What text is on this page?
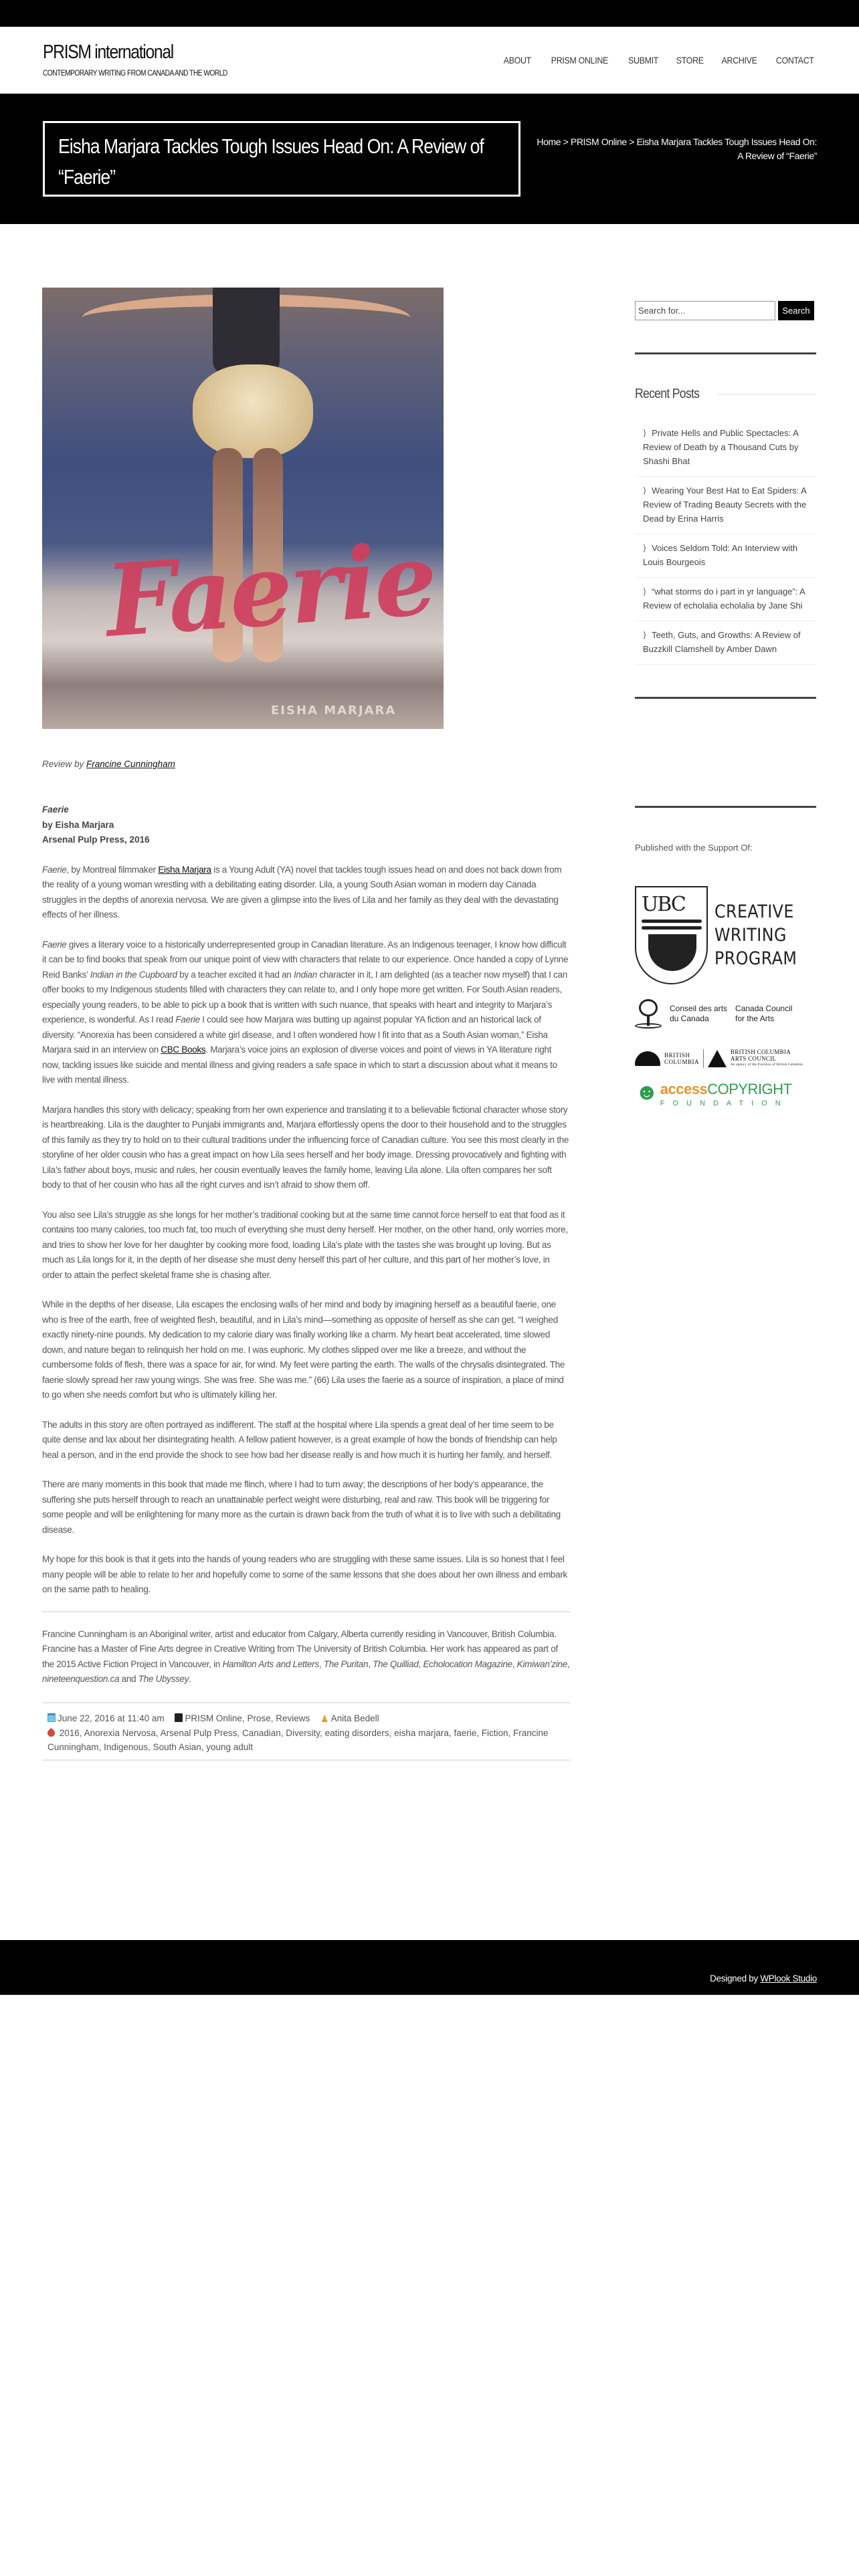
PRISM international
CONTEMPORARY WRITING FROM CANADA AND THE WORLD
ABOUT PRISM ONLINE SUBMIT STORE ARCHIVE CONTACT
Eisha Marjara Tackles Tough Issues Head On: A Review of “Faerie”
Home > PRISM Online > Eisha Marjara Tackles Tough Issues Head On: A Review of “Faerie”
Faerie
EISHA MARJARA

Review by Francine Cunningham

Faerie
by Eisha Marjara
Arsenal Pulp Press, 2016

Faerie, by Montreal filmmaker Eisha Marjara is a Young Adult (YA) novel that tackles tough issues head on and does not back down from the reality of a young woman wrestling with a debilitating eating disorder. Lila, a young South Asian woman in modern day Canada struggles in the depths of anorexia nervosa. We are given a glimpse into the lives of Lila and her family as they deal with the devastating effects of her illness.

Faerie gives a literary voice to a historically underrepresented group in Canadian literature. As an Indigenous teenager, I know how difficult it can be to find books that speak from our unique point of view with characters that relate to our experience. Once handed a copy of Lynne Reid Banks’ Indian in the Cupboard by a teacher excited it had an Indian character in it, I am delighted (as a teacher now myself) that I can offer books to my Indigenous students filled with characters they can relate to, and I only hope more get written. For South Asian readers, especially young readers, to be able to pick up a book that is written with such nuance, that speaks with heart and integrity to Marjara’s experience, is wonderful. As I read Faerie I could see how Marjara was butting up against popular YA fiction and an historical lack of diversity. “Anorexia has been considered a white girl disease, and I often wondered how I fit into that as a South Asian woman,” Eisha Marjara said in an interview on CBC Books. Marjara’s voice joins an explosion of diverse voices and point of views in YA literature right now, tackling issues like suicide and mental illness and giving readers a safe space in which to start a discussion about what it means to live with mental illness.

Marjara handles this story with delicacy; speaking from her own experience and translating it to a believable fictional character whose story is heartbreaking. Lila is the daughter to Punjabi immigrants and, Marjara effortlessly opens the door to their household and to the struggles of this family as they try to hold on to their cultural traditions under the influencing force of Canadian culture. You see this most clearly in the storyline of her older cousin who has a great impact on how Lila sees herself and her body image. Dressing provocatively and fighting with Lila’s father about boys, music and rules, her cousin eventually leaves the family home, leaving Lila alone. Lila often compares her soft body to that of her cousin who has all the right curves and isn’t afraid to show them off.

You also see Lila’s struggle as she longs for her mother’s traditional cooking but at the same time cannot force herself to eat that food as it contains too many calories, too much fat, too much of everything she must deny herself. Her mother, on the other hand, only worries more, and tries to show her love for her daughter by cooking more food, loading Lila’s plate with the tastes she was brought up loving. But as much as Lila longs for it, in the depth of her disease she must deny herself this part of her culture, and this part of her mother’s love, in order to attain the perfect skeletal frame she is chasing after.

While in the depths of her disease, Lila escapes the enclosing walls of her mind and body by imagining herself as a beautiful faerie, one who is free of the earth, free of weighted flesh, beautiful, and in Lila’s mind—something as opposite of herself as she can get. “I weighed exactly ninety-nine pounds. My dedication to my calorie diary was finally working like a charm. My heart beat accelerated, time slowed down, and nature began to relinquish her hold on me. I was euphoric. My clothes slipped over me like a breeze, and without the cumbersome folds of flesh, there was a space for air, for wind. My feet were parting the earth. The walls of the chrysalis disintegrated. The faerie slowly spread her raw young wings. She was free. She was me.” (66) Lila uses the faerie as a source of inspiration, a place of mind to go when she needs comfort but who is ultimately killing her.

The adults in this story are often portrayed as indifferent. The staff at the hospital where Lila spends a great deal of her time seem to be quite dense and lax about her disintegrating health. A fellow patient however, is a great example of how the bonds of friendship can help heal a person, and in the end provide the shock to see how bad her disease really is and how much it is hurting her family, and herself.

There are many moments in this book that made me flinch, where I had to turn away; the descriptions of her body’s appearance, the suffering she puts herself through to reach an unattainable perfect weight were disturbing, real and raw. This book will be triggering for some people and will be enlightening for many more as the curtain is drawn back from the truth of what it is to live with such a debilitating disease.

My hope for this book is that it gets into the hands of young readers who are struggling with these same issues. Lila is so honest that I feel many people will be able to relate to her and hopefully come to some of the same lessons that she does about her own illness and embark on the same path to healing.

Francine Cunningham is an Aboriginal writer, artist and educator from Calgary, Alberta currently residing in Vancouver, British Columbia. Francine has a Master of Fine Arts degree in Creative Writing from The University of British Columbia. Her work has appeared as part of the 2015 Active Fiction Project in Vancouver, in Hamilton Arts and Letters, The Puritan, The Quilliad, Echolocation Magazine, Kimiwan’zine, nineteenquestion.ca and The Ubyssey.

June 22, 2016 at 11:40 am PRISM Online, Prose, Reviews ♟ Anita Bedell
2016, Anorexia Nervosa, Arsenal Pulp Press, Canadian, Diversity, eating disorders, eisha marjara, faerie, Fiction, Francine Cunningham, Indigenous, South Asian, young adult
Search for...
Search
Recent Posts
⟩ Private Hells and Public Spectacles: A Review of Death by a Thousand Cuts by Shashi Bhat
⟩ Wearing Your Best Hat to Eat Spiders: A Review of Trading Beauty Secrets with the Dead by Erina Harris
⟩ Voices Seldom Told: An Interview with Louis Bourgeois
⟩ “what storms do i part in yr language”: A Review of echolalia echolalia by Jane Shi
⟩ Teeth, Guts, and Growths: A Review of Buzzkill Clamshell by Amber Dawn

Published with the Support Of:

UBC CREATIVE
WRITING
PROGRAM
Conseil des arts
du Canada
Canada Council
for the Arts
BRITISH
COLUMBIA
BRITISH COLUMBIA
ARTS COUNCIL
An agency of the Province of British Columbia
☻ accessCOPYRIGHT
FOUNDATION
Designed by WPlook Studio
